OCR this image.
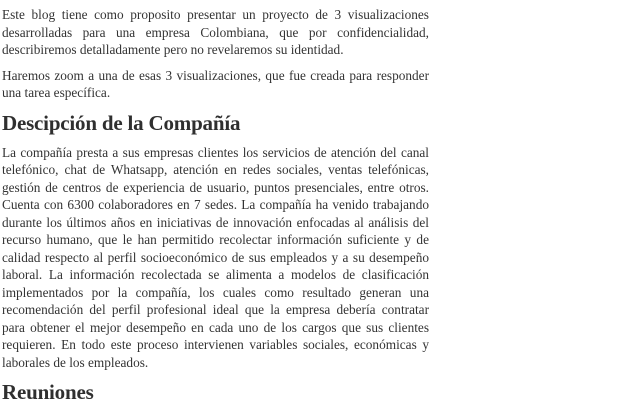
Este blog tiene como proposito presentar un proyecto de 3 visualizaciones desarrolladas para una empresa Colombiana, que por confidencialidad, describiremos detalladamente pero no revelaremos su identidad.

Haremos zoom a una de esas 3 visualizaciones, que fue creada para responder una tarea específica.

Descipción de la Compañía

La compañía presta a sus empresas clientes los servicios de atención del canal telefónico, chat de Whatsapp, atención en redes sociales, ventas telefónicas, gestión de centros de experiencia de usuario, puntos presenciales, entre otros. Cuenta con 6300 colaboradores en 7 sedes. La compañía ha venido trabajando durante los últimos años en iniciativas de innovación enfocadas al análisis del recurso humano, que le han permitido recolectar información suficiente y de calidad respecto al perfil socioeconómico de sus empleados y a su desempeño laboral. La información recolectada se alimenta a modelos de clasificación implementados por la compañía, los cuales como resultado generan una recomendación del perfil profesional ideal que la empresa debería contratar para obtener el mejor desempeño en cada uno de los cargos que sus clientes requieren. En todo este proceso intervienen variables sociales, económicas y laborales de los empleados.

Reuniones
